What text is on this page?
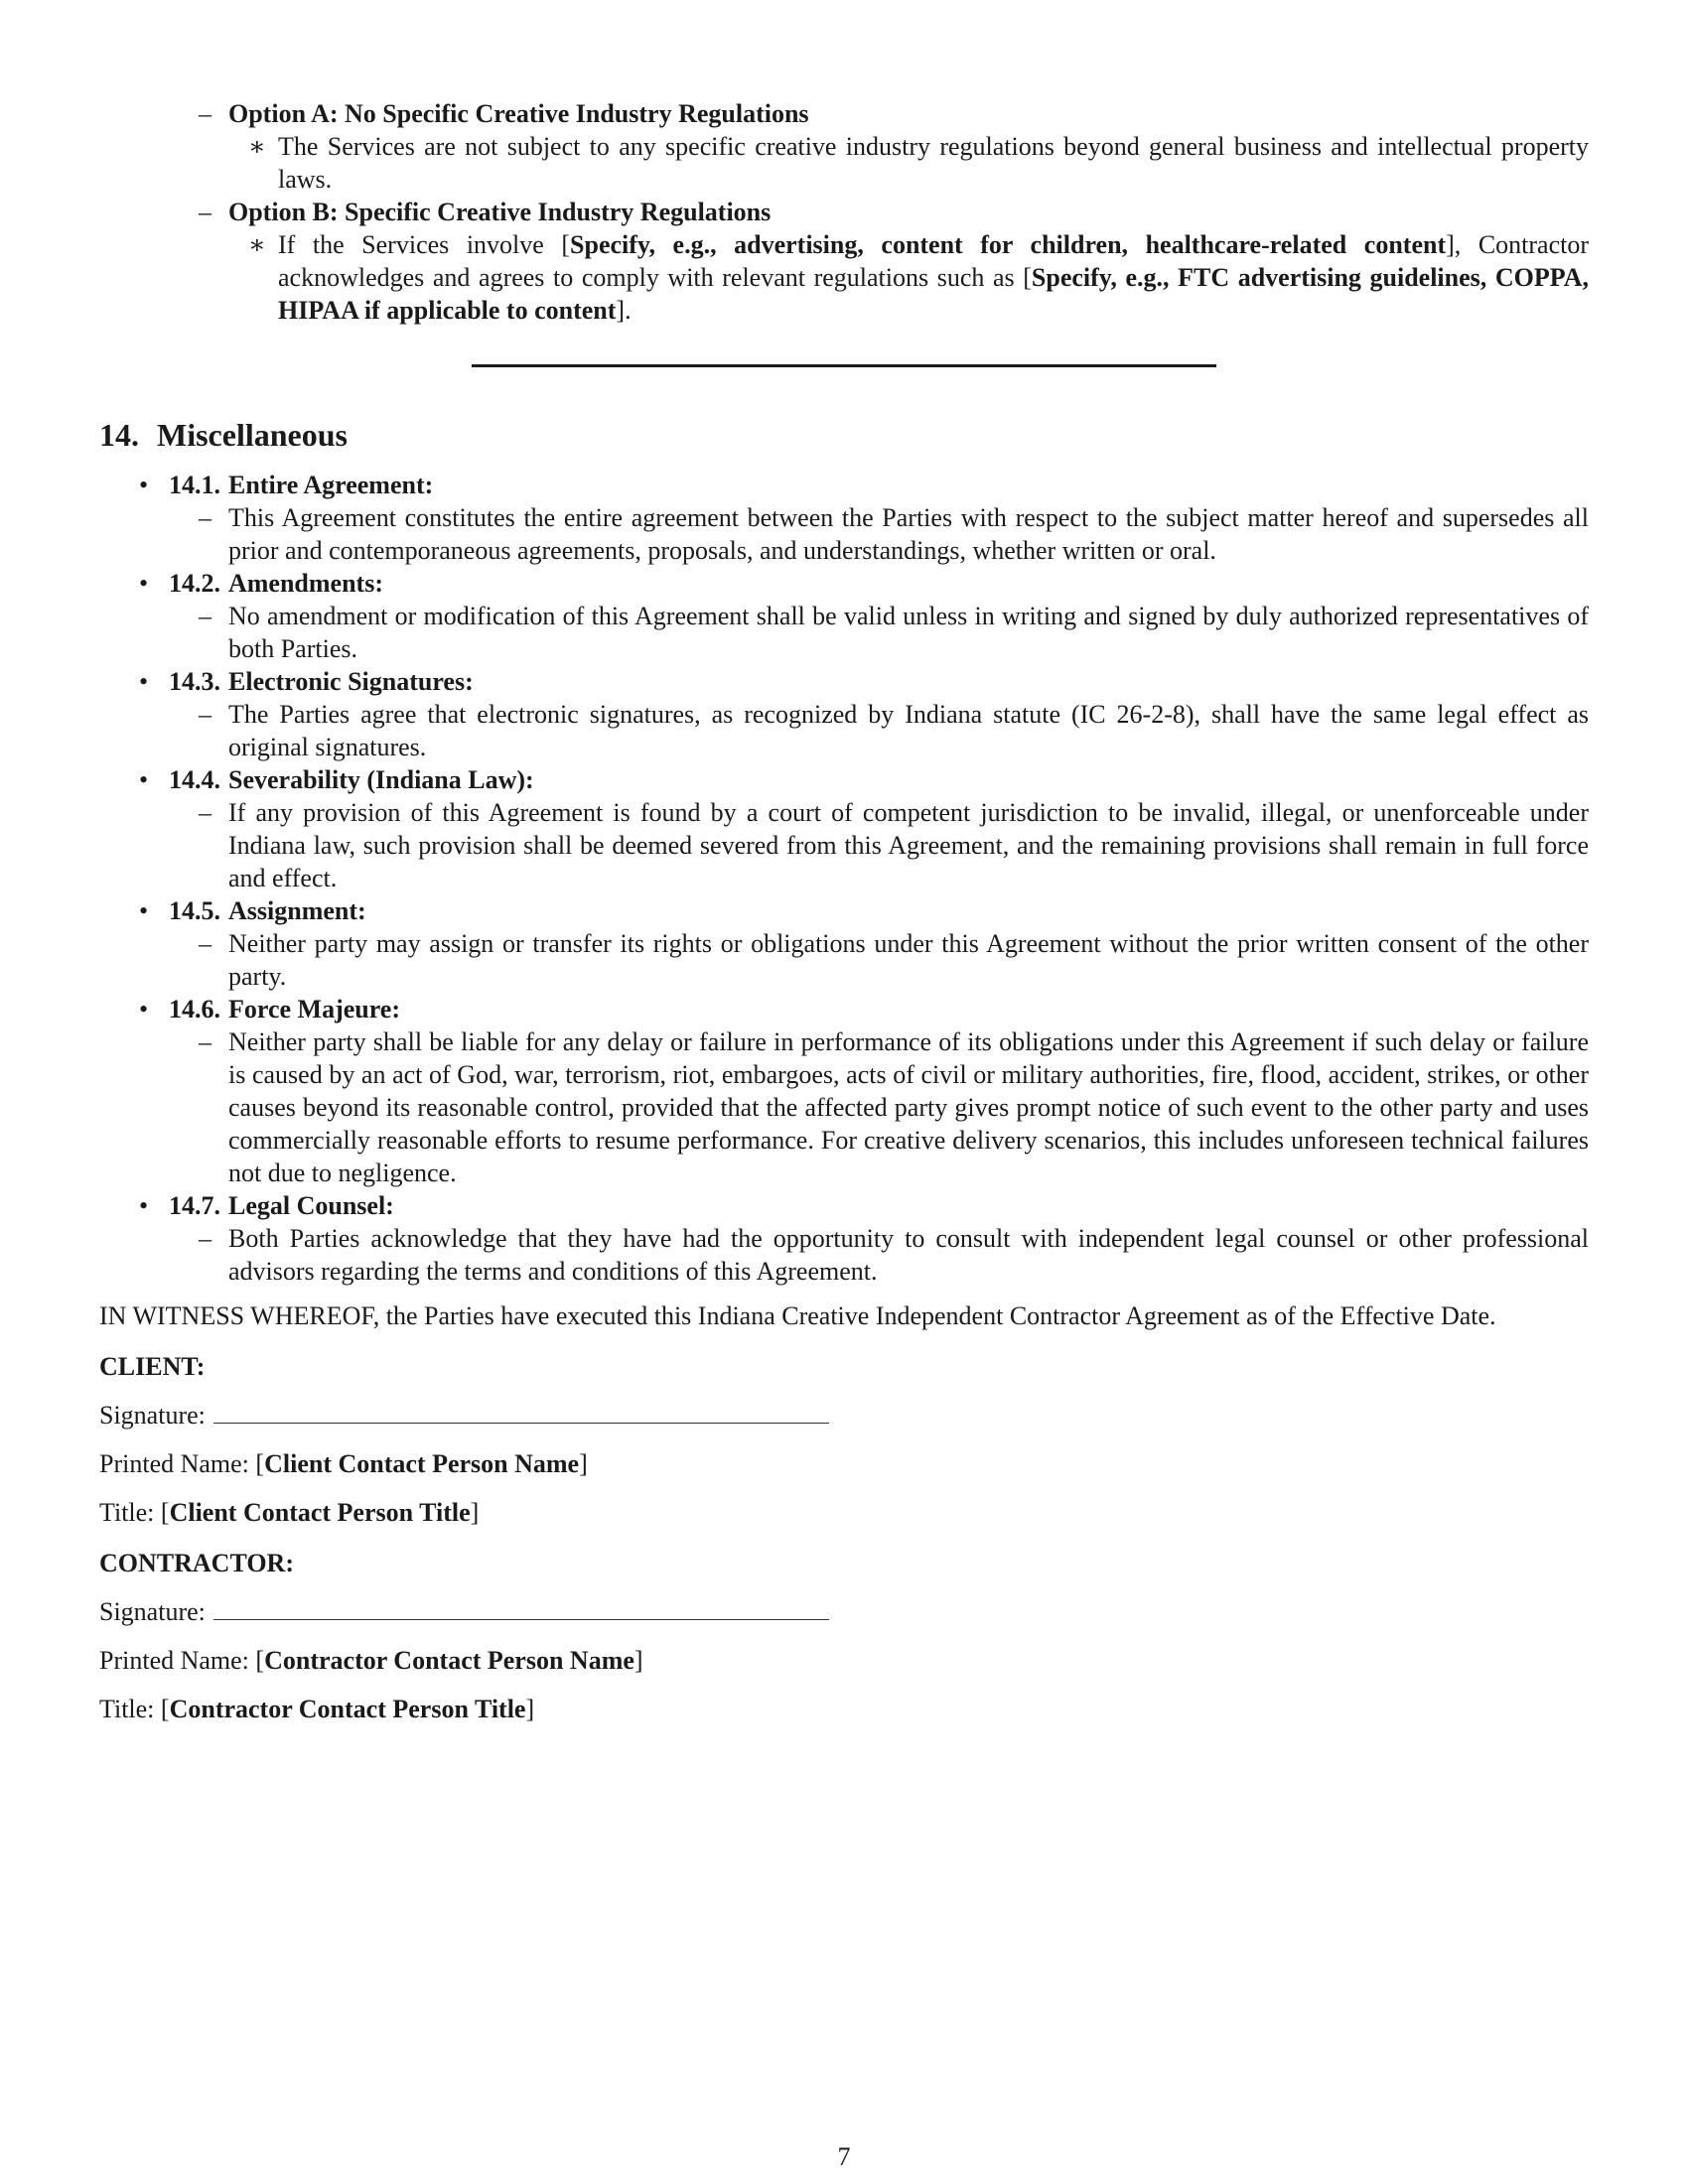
– Option A: No Specific Creative Industry Regulations
∗ The Services are not subject to any specific creative industry regulations beyond general business and intellectual property laws.
– Option B: Specific Creative Industry Regulations
∗ If the Services involve [Specify, e.g., advertising, content for children, healthcare-related content], Contractor acknowledges and agrees to comply with relevant regulations such as [Specify, e.g., FTC advertising guidelines, COPPA, HIPAA if applicable to content].
14. Miscellaneous
• 14.1. Entire Agreement:
– This Agreement constitutes the entire agreement between the Parties with respect to the subject matter hereof and supersedes all prior and contemporaneous agreements, proposals, and understandings, whether written or oral.
• 14.2. Amendments:
– No amendment or modification of this Agreement shall be valid unless in writing and signed by duly authorized representatives of both Parties.
• 14.3. Electronic Signatures:
– The Parties agree that electronic signatures, as recognized by Indiana statute (IC 26-2-8), shall have the same legal effect as original signatures.
• 14.4. Severability (Indiana Law):
– If any provision of this Agreement is found by a court of competent jurisdiction to be invalid, illegal, or unenforceable under Indiana law, such provision shall be deemed severed from this Agreement, and the remaining provisions shall remain in full force and effect.
• 14.5. Assignment:
– Neither party may assign or transfer its rights or obligations under this Agreement without the prior written consent of the other party.
• 14.6. Force Majeure:
– Neither party shall be liable for any delay or failure in performance of its obligations under this Agreement if such delay or failure is caused by an act of God, war, terrorism, riot, embargoes, acts of civil or military authorities, fire, flood, accident, strikes, or other causes beyond its reasonable control, provided that the affected party gives prompt notice of such event to the other party and uses commercially reasonable efforts to resume performance. For creative delivery scenarios, this includes unforeseen technical failures not due to negligence.
• 14.7. Legal Counsel:
– Both Parties acknowledge that they have had the opportunity to consult with independent legal counsel or other professional advisors regarding the terms and conditions of this Agreement.
IN WITNESS WHEREOF, the Parties have executed this Indiana Creative Independent Contractor Agreement as of the Effective Date.
CLIENT:
Signature:
Printed Name: [Client Contact Person Name]
Title: [Client Contact Person Title]
CONTRACTOR:
Signature:
Printed Name: [Contractor Contact Person Name]
Title: [Contractor Contact Person Title]
7
